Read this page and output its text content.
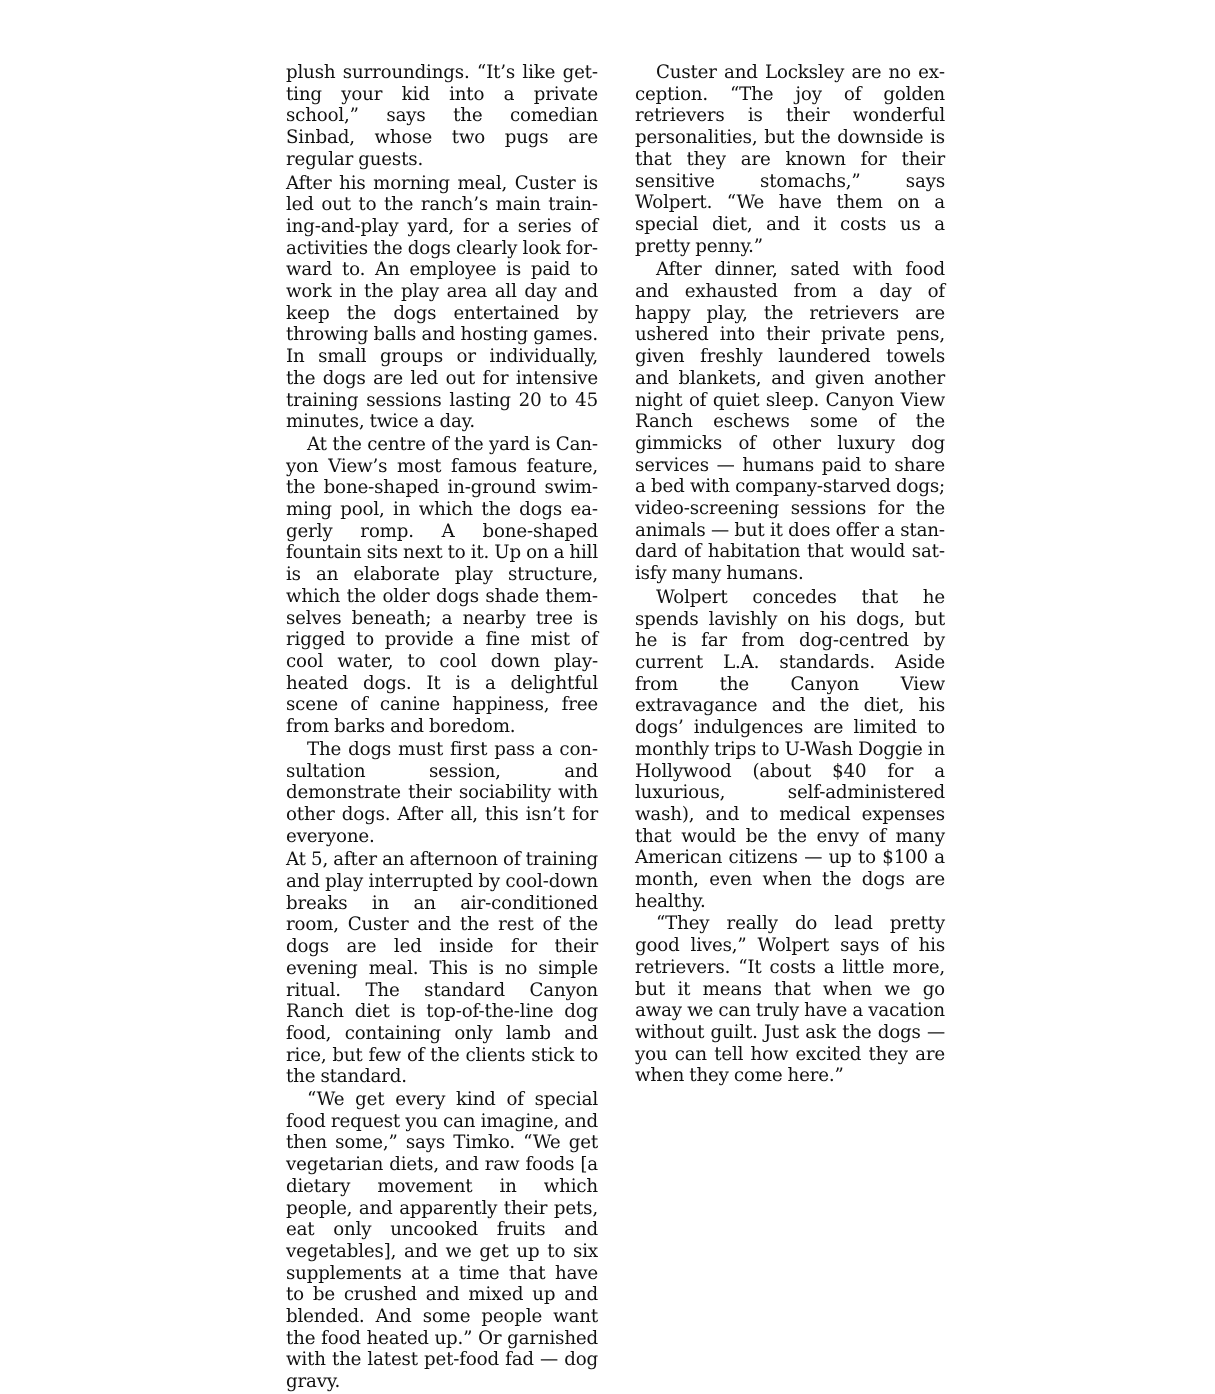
plush surroundings. “It’s like getting your kid into a private school,” says the comedian Sinbad, whose two pugs are regular guests.

After his morning meal, Custer is led out to the ranch’s main training-and-play yard, for a series of activities the dogs clearly look forward to. An employee is paid to work in the play area all day and keep the dogs entertained by throwing balls and hosting games. In small groups or individually, the dogs are led out for intensive training sessions lasting 20 to 45 minutes, twice a day.

At the centre of the yard is Canyon View’s most famous feature, the bone-shaped in-ground swimming pool, in which the dogs eagerly romp. A bone-shaped fountain sits next to it. Up on a hill is an elaborate play structure, which the older dogs shade themselves beneath; a nearby tree is rigged to provide a fine mist of cool water, to cool down play-heated dogs. It is a delightful scene of canine happiness, free from barks and boredom.

The dogs must first pass a consultation session, and demonstrate their sociability with other dogs. After all, this isn’t for everyone.

At 5, after an afternoon of training and play interrupted by cool-down breaks in an air-conditioned room, Custer and the rest of the dogs are led inside for their evening meal. This is no simple ritual. The standard Canyon Ranch diet is top-of-the-line dog food, containing only lamb and rice, but few of the clients stick to the standard.

“We get every kind of special food request you can imagine, and then some,” says Timko. “We get vegetarian diets, and raw foods [a dietary movement in which people, and apparently their pets, eat only uncooked fruits and vegetables], and we get up to six supplements at a time that have to be crushed and mixed up and blended. And some people want the food heated up.” Or garnished with the latest pet-food fad — dog gravy.

Custer and Locksley are no exception. “The joy of golden retrievers is their wonderful personalities, but the downside is that they are known for their sensitive stomachs,” says Wolpert. “We have them on a special diet, and it costs us a pretty penny.”

After dinner, sated with food and exhausted from a day of happy play, the retrievers are ushered into their private pens, given freshly laundered towels and blankets, and given another night of quiet sleep. Canyon View Ranch eschews some of the gimmicks of other luxury dog services — humans paid to share a bed with company-starved dogs; video-screening sessions for the animals — but it does offer a standard of habitation that would satisfy many humans.

Wolpert concedes that he spends lavishly on his dogs, but he is far from dog-centred by current L.A. standards. Aside from the Canyon View extravagance and the diet, his dogs’ indulgences are limited to monthly trips to U-Wash Doggie in Hollywood (about $40 for a luxurious, self-administered wash), and to medical expenses that would be the envy of many American citizens — up to $100 a month, even when the dogs are healthy.

“They really do lead pretty good lives,” Wolpert says of his retrievers. “It costs a little more, but it means that when we go away we can truly have a vacation without guilt. Just ask the dogs — you can tell how excited they are when they come here.”
